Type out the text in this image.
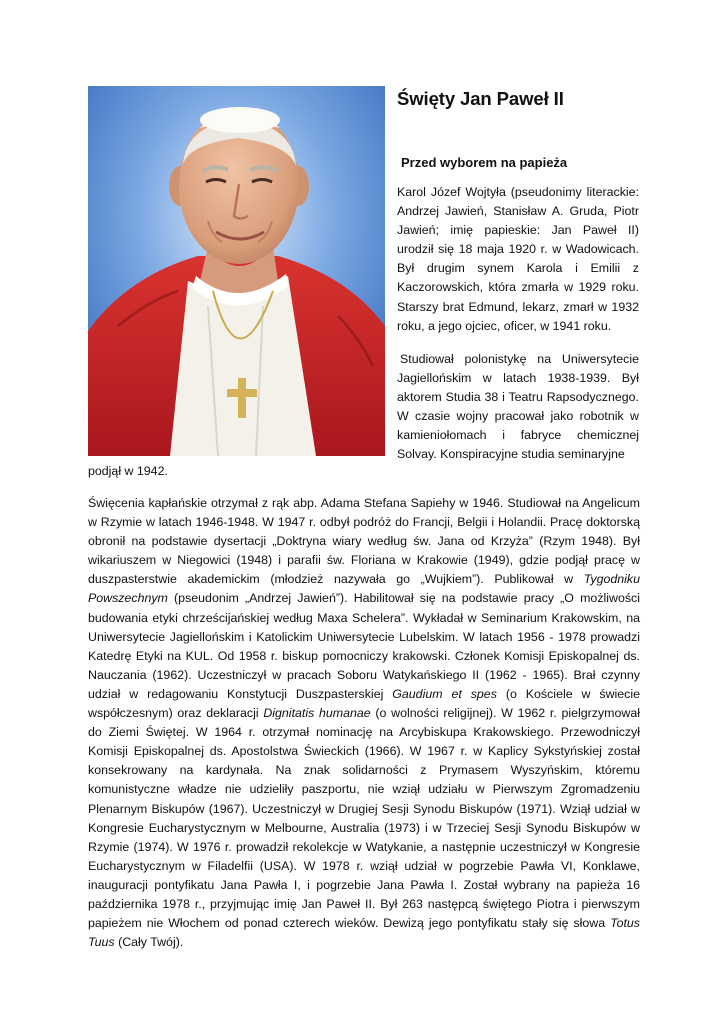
Święty Jan Paweł II
Przed wyborem na papieża

Karol Józef Wojtyła (pseudonimy literackie: Andrzej Jawień, Stanisław A. Gruda, Piotr Jawień; imię papieskie: Jan Paweł II) urodził się 18 maja 1920 r. w Wadowicach. Był drugim synem Karola i Emilii z Kaczorowskich, która zmarła w 1929 roku. Starszy brat Edmund, lekarz, zmarł w 1932 roku, a jego ojciec, oficer, w 1941 roku.

Studiował polonistykę na Uniwersytecie Jagiellońskim w latach 1938-1939. Był aktorem Studia 38 i Teatru Rapsodycznego. W czasie wojny pracował jako robotnik w kamieniołomach i fabryce chemicznej Solvay. Konspiracyjne studia seminaryjne

podjął w 1942.

Święcenia kapłańskie otrzymał z rąk abp. Adama Stefana Sapiehy w 1946. Studiował na Angelicum w Rzymie w latach 1946-1948. W 1947 r. odbył podróż do Francji, Belgii i Holandii. Pracę doktorską obronił na podstawie dysertacji „Doktryna wiary według św. Jana od Krzyża” (Rzym 1948). Był wikariuszem w Niegowici (1948) i parafii św. Floriana w Krakowie (1949), gdzie podjął pracę w duszpasterstwie akademickim (młodzież nazywała go „Wujkiem”). Publikował w Tygodniku Powszechnym (pseudonim „Andrzej Jawień”). Habilitował się na podstawie pracy „O możliwości budowania etyki chrześcijańskiej według Maxa Schelera”. Wykładał w Seminarium Krakowskim, na Uniwersytecie Jagiellońskim i Katolickim Uniwersytecie Lubelskim. W latach 1956 - 1978 prowadzi Katedrę Etyki na KUL. Od 1958 r. biskup pomocniczy krakowski. Członek Komisji Episkopalnej ds. Nauczania (1962). Uczestniczył w pracach Soboru Watykańskiego II (1962 - 1965). Brał czynny udział w redagowaniu Konstytucji Duszpasterskiej Gaudium et spes (o Kościele w świecie współczesnym) oraz deklaracji Dignitatis humanae (o wolności religijnej). W 1962 r. pielgrzymował do Ziemi Świętej. W 1964 r. otrzymał nominację na Arcybiskupa Krakowskiego. Przewodniczył Komisji Episkopalnej ds. Apostolstwa Świeckich (1966). W 1967 r. w Kaplicy Sykstyńskiej został konsekrowany na kardynała. Na znak solidarności z Prymasem Wyszyńskim, któremu komunistyczne władze nie udzieliły paszportu, nie wziął udziału w Pierwszym Zgromadzeniu Plenarnym Biskupów (1967). Uczestniczył w Drugiej Sesji Synodu Biskupów (1971). Wziął udział w Kongresie Eucharystycznym w Melbourne, Australia (1973) i w Trzeciej Sesji Synodu Biskupów w Rzymie (1974). W 1976 r. prowadził rekolekcje w Watykanie, a następnie uczestniczył w Kongresie Eucharystycznym w Filadelfii (USA). W 1978 r. wziął udział w pogrzebie Pawła VI, Konklawe, inauguracji pontyfikatu Jana Pawła I, i pogrzebie Jana Pawła I. Został wybrany na papieża 16 października 1978 r., przyjmując imię Jan Paweł II. Był 263 następcą świętego Piotra i pierwszym papieżem nie Włochem od ponad czterech wieków. Dewizą jego pontyfikatu stały się słowa Totus Tuus (Cały Twój).
